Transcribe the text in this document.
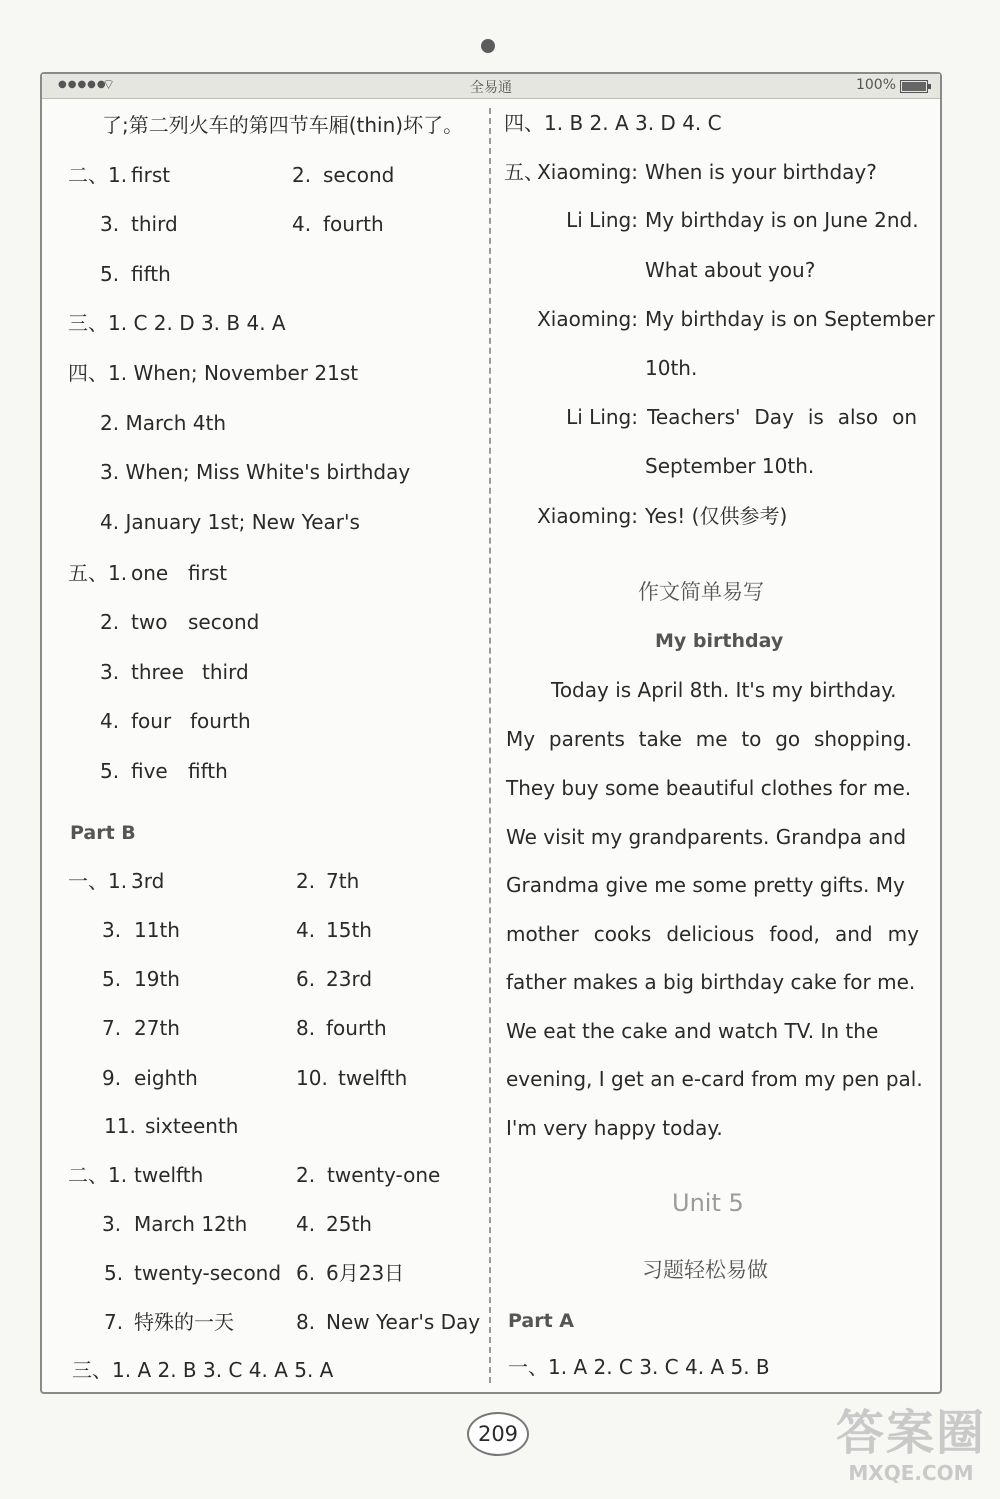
●●●●●
⌔	全易通	100%
了;第二列火车的第四节车厢(thin)坏了。
二、1. first	2. second
3. third	4. fourth
5. fifth
三、1. C 2. D 3. B 4. A
四、1. When; November 21st
2. March 4th
3. When; Miss White's birthday
4. January 1st; New Year's
五、1. one first
2. two second
3. three third
4. four fourth
5. five fifth
Part B
一、1. 3rd	2. 7th
3. 11th	4. 15th
5. 19th	6. 23rd
7. 27th	8. fourth
9. eighth	10. twelfth
11. sixteenth
二、1. twelfth	2. twenty-one
3. March 12th 4. 25th
5. twenty-second 6. 6月23日
7. 特殊的一天	8. New Year's Day
三、1. A 2. B 3. C 4. A 5. A
四、1. B 2. A 3. D 4. C
五、
Xiaoming: When is your birthday?
Li Ling: My birthday is on June 2nd.
What about you?
Xiaoming: My birthday is on September
10th.
Li Ling: Teachers' Day is also on
September 10th.
Xiaoming: Yes! (仅供参考)
作文简单易写
My birthday
Today is April 8th. It's my birthday.
My parents take me to go shopping.
They buy some beautiful clothes for me.
We visit my grandparents. Grandpa and
Grandma give me some pretty gifts. My
mother cooks delicious food, and my
father makes a big birthday cake for me.
We eat the cake and watch TV. In the
evening, I get an e-card from my pen pal.
I'm very happy today.
Unit 5
习题轻松易做
Part A
一、1. A 2. C 3. C 4. A 5. B
209	答案圈
MXQE.COM
